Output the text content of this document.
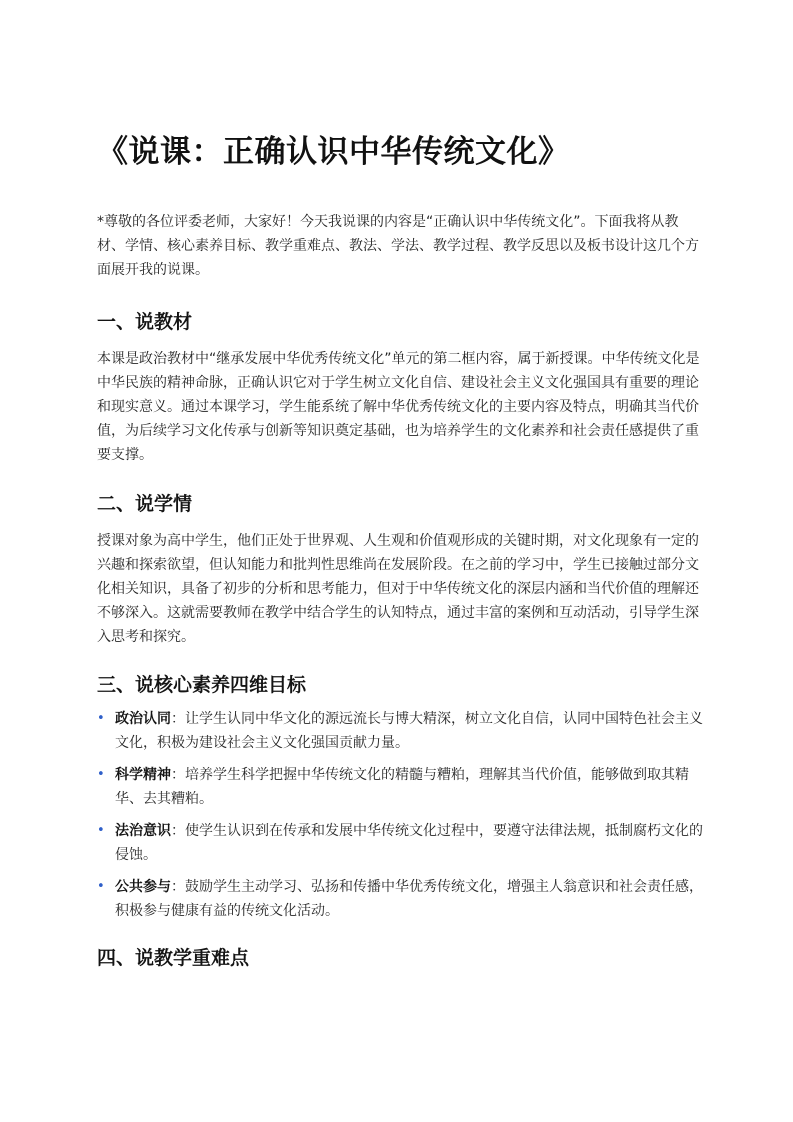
《说课：正确认识中华传统文化》

*尊敬的各位评委老师，大家好！今天我说课的内容是“正确认识中华传统文化”。下面我将从教材、学情、核心素养目标、教学重难点、教法、学法、教学过程、教学反思以及板书设计这几个方面展开我的说课。

一、说教材

本课是政治教材中“继承发展中华优秀传统文化”单元的第二框内容，属于新授课。中华传统文化是中华民族的精神命脉，正确认识它对于学生树立文化自信、建设社会主义文化强国具有重要的理论和现实意义。通过本课学习，学生能系统了解中华优秀传统文化的主要内容及特点，明确其当代价值，为后续学习文化传承与创新等知识奠定基础，也为培养学生的文化素养和社会责任感提供了重要支撑。

二、说学情

授课对象为高中学生，他们正处于世界观、人生观和价值观形成的关键时期，对文化现象有一定的兴趣和探索欲望，但认知能力和批判性思维尚在发展阶段。在之前的学习中，学生已接触过部分文化相关知识，具备了初步的分析和思考能力，但对于中华传统文化的深层内涵和当代价值的理解还不够深入。这就需要教师在教学中结合学生的认知特点，通过丰富的案例和互动活动，引导学生深入思考和探究。

三、说核心素养四维目标
• 政治认同：让学生认同中华文化的源远流长与博大精深，树立文化自信，认同中国特色社会主义文化，积极为建设社会主义文化强国贡献力量。
• 科学精神：培养学生科学把握中华传统文化的精髓与糟粕，理解其当代价值，能够做到取其精华、去其糟粕。
• 法治意识：使学生认识到在传承和发展中华传统文化过程中，要遵守法律法规，抵制腐朽文化的侵蚀。
• 公共参与：鼓励学生主动学习、弘扬和传播中华优秀传统文化，增强主人翁意识和社会责任感，积极参与健康有益的传统文化活动。
四、说教学重难点
